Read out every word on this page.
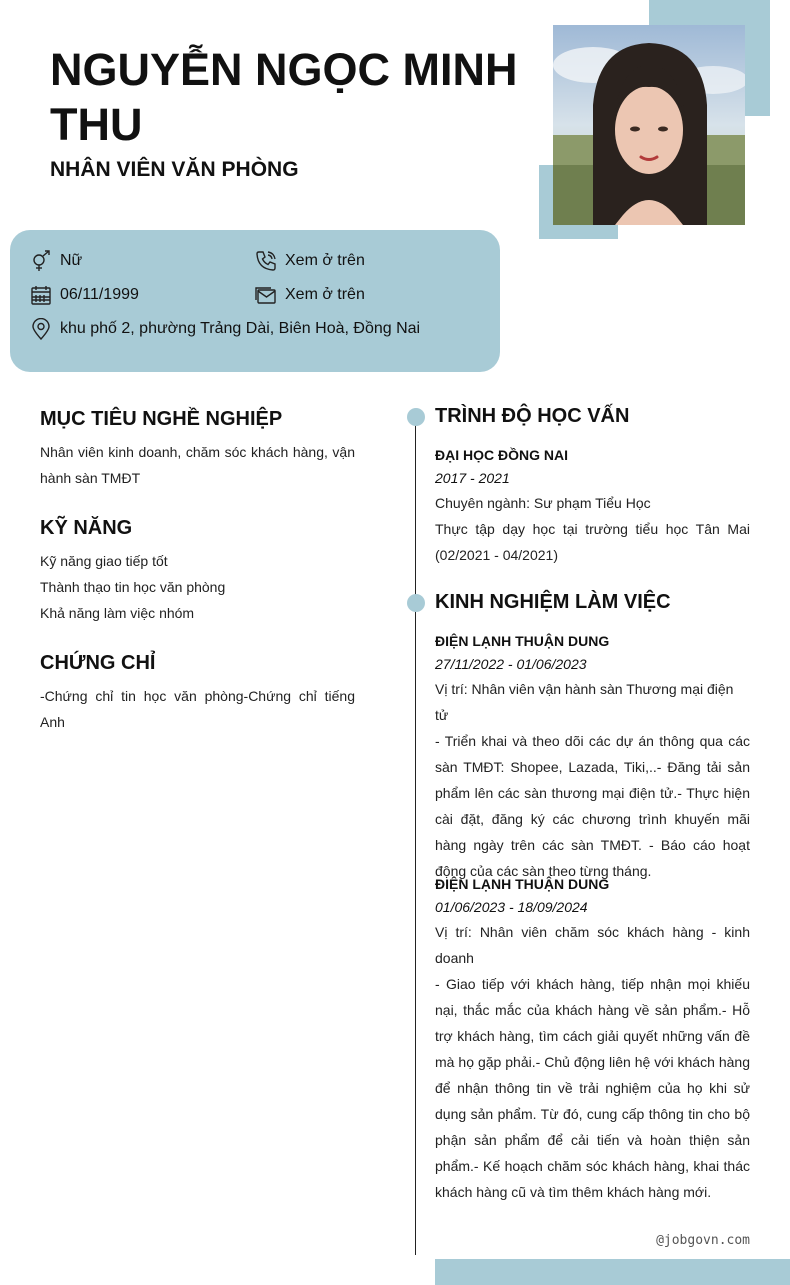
NGUYỄN NGỌC MINH THU
NHÂN VIÊN VĂN PHÒNG
Nữ	Xem ở trên
06/11/1999	Xem ở trên
khu phố 2, phường Trảng Dài, Biên Hoà, Đồng Nai
MỤC TIÊU NGHỀ NGHIỆP
Nhân viên kinh doanh, chăm sóc khách hàng, vận hành sàn TMĐT
KỸ NĂNG
Kỹ năng giao tiếp tốt
Thành thạo tin học văn phòng
Khả năng làm việc nhóm
CHỨNG CHỈ
-Chứng chỉ tin học văn phòng-Chứng chỉ tiếng Anh
TRÌNH ĐỘ HỌC VẤN
ĐẠI HỌC ĐỒNG NAI
2017 - 2021
Chuyên ngành: Sư phạm Tiểu Học
Thực tập dạy học tại trường tiểu học Tân Mai (02/2021 - 04/2021)
KINH NGHIỆM LÀM VIỆC
ĐIỆN LẠNH THUẬN DUNG
27/11/2022 - 01/06/2023
Vị trí: Nhân viên vận hành sàn Thương mại điện tử
- Triển khai và theo dõi các dự án thông qua các sàn TMĐT: Shopee, Lazada, Tiki,..- Đăng tải sản phẩm lên các sàn thương mại điện tử.- Thực hiện cài đặt, đăng ký các chương trình khuyến mãi hàng ngày trên các sàn TMĐT. - Báo cáo hoạt động của các sàn theo từng tháng.
ĐIỆN LẠNH THUẬN DUNG
01/06/2023 - 18/09/2024
Vị trí: Nhân viên chăm sóc khách hàng - kinh doanh
- Giao tiếp với khách hàng, tiếp nhận mọi khiếu nại, thắc mắc của khách hàng về sản phẩm.- Hỗ trợ khách hàng, tìm cách giải quyết những vấn đề mà họ gặp phải.- Chủ động liên hệ với khách hàng để nhận thông tin về trải nghiệm của họ khi sử dụng sản phẩm. Từ đó, cung cấp thông tin cho bộ phận sản phẩm để cải tiến và hoàn thiện sản phẩm.- Kế hoạch chăm sóc khách hàng, khai thác khách hàng cũ và tìm thêm khách hàng mới.
@jobgovn.com
